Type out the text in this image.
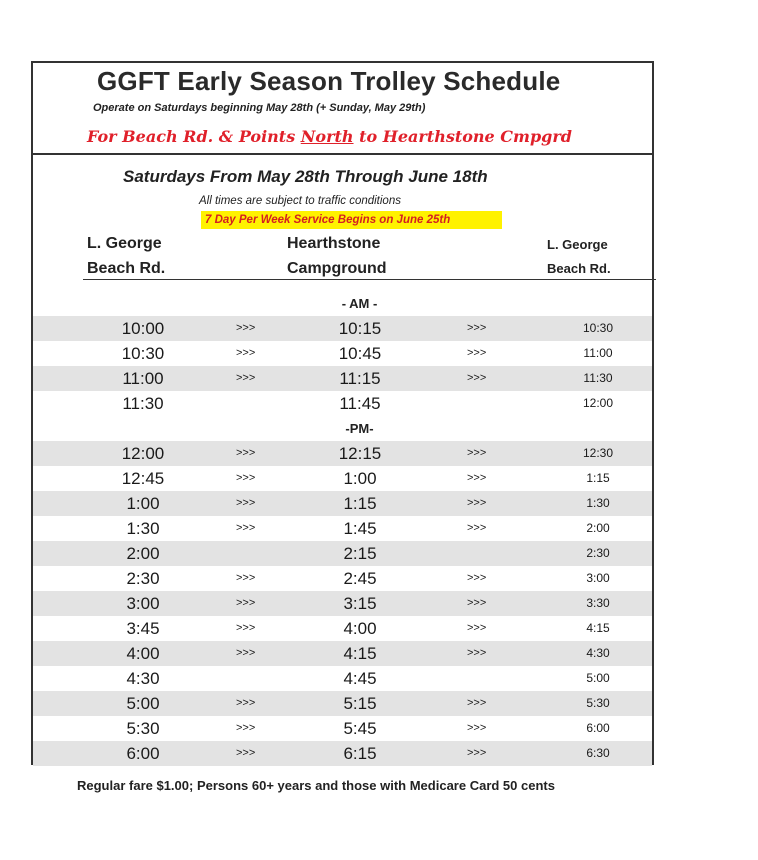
GGFT Early Season Trolley Schedule
Operate on Saturdays beginning May 28th (+ Sunday, May 29th)
For Beach Rd. & Points North to Hearthstone Cmpgrd
Saturdays From May 28th Through June 18th
All times are subject to traffic conditions
7 Day Per Week Service Begins on June 25th
L. George
Beach Rd.
Hearthstone
Campground
L. George
Beach Rd.
- AM -
10:00	>>>	10:15	>>>	10:30
10:30	>>>	10:45	>>>	11:00
11:00	>>>	11:15	>>>	11:30
11:30	11:45	12:00
-PM-
12:00	>>>	12:15	>>>	12:30
12:45	>>>	1:00	>>>	1:15
1:00	>>>	1:15	>>>	1:30
1:30	>>>	1:45	>>>	2:00
2:00	2:15	2:30
2:30	>>>	2:45	>>>	3:00
3:00	>>>	3:15	>>>	3:30
3:45	>>>	4:00	>>>	4:15
4:00	>>>	4:15	>>>	4:30
4:30	4:45	5:00
5:00	>>>	5:15	>>>	5:30
5:30	>>>	5:45	>>>	6:00
6:00	>>>	6:15	>>>	6:30
Regular fare $1.00; Persons 60+ years and those with Medicare Card 50 cents
